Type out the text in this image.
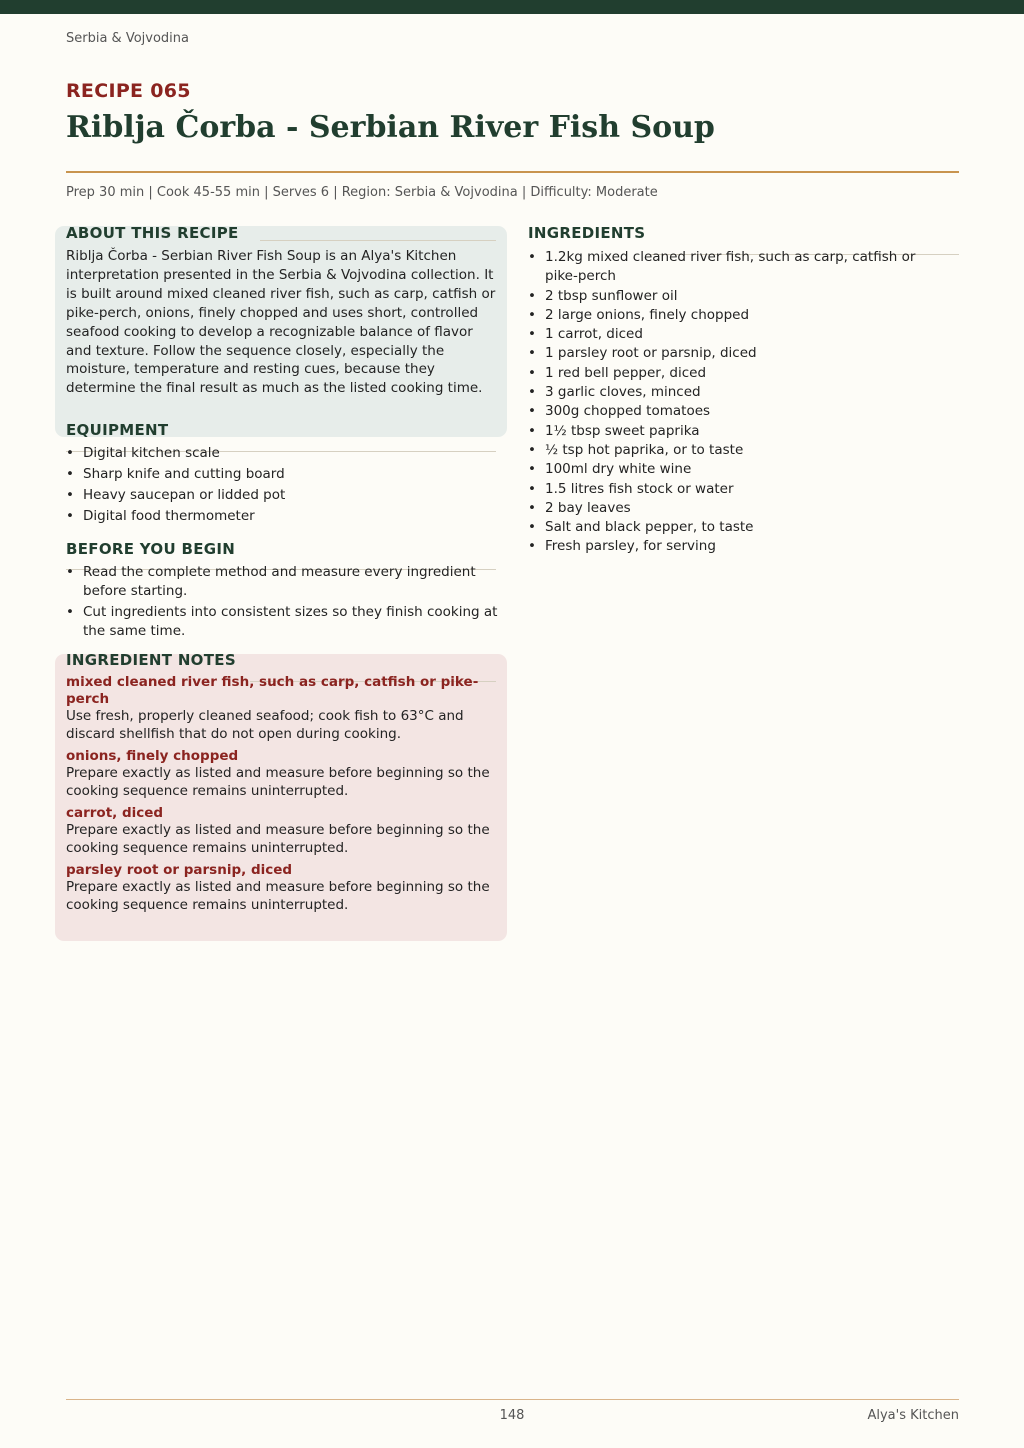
Serbia & Vojvodina
RECIPE 065
Riblja Čorba - Serbian River Fish Soup
Prep 30 min | Cook 45-55 min | Serves 6 | Region: Serbia & Vojvodina | Difficulty: Moderate
ABOUT THIS RECIPE
Riblja Čorba - Serbian River Fish Soup is an Alya's Kitchen interpretation presented in the Serbia & Vojvodina collection. It is built around mixed cleaned river fish, such as carp, catfish or pike-perch, onions, finely chopped and uses short, controlled seafood cooking to develop a recognizable balance of flavor and texture. Follow the sequence closely, especially the moisture, temperature and resting cues, because they determine the final result as much as the listed cooking time.
EQUIPMENT
• Digital kitchen scale
• Sharp knife and cutting board
• Heavy saucepan or lidded pot
• Digital food thermometer
BEFORE YOU BEGIN
• Read the complete method and measure every ingredient before starting.
• Cut ingredients into consistent sizes so they finish cooking at the same time.
INGREDIENT NOTES
mixed cleaned river fish, such as carp, catfish or pike-perch
Use fresh, properly cleaned seafood; cook fish to 63°C and discard shellfish that do not open during cooking.
onions, finely chopped
Prepare exactly as listed and measure before beginning so the cooking sequence remains uninterrupted.
carrot, diced
Prepare exactly as listed and measure before beginning so the cooking sequence remains uninterrupted.
parsley root or parsnip, diced
Prepare exactly as listed and measure before beginning so the cooking sequence remains uninterrupted.
INGREDIENTS
• 1.2kg mixed cleaned river fish, such as carp, catfish or pike-perch
• 2 tbsp sunflower oil
• 2 large onions, finely chopped
• 1 carrot, diced
• 1 parsley root or parsnip, diced
• 1 red bell pepper, diced
• 3 garlic cloves, minced
• 300g chopped tomatoes
• 1½ tbsp sweet paprika
• ½ tsp hot paprika, or to taste
• 100ml dry white wine
• 1.5 litres fish stock or water
• 2 bay leaves
• Salt and black pepper, to taste
• Fresh parsley, for serving
148	Alya's Kitchen
